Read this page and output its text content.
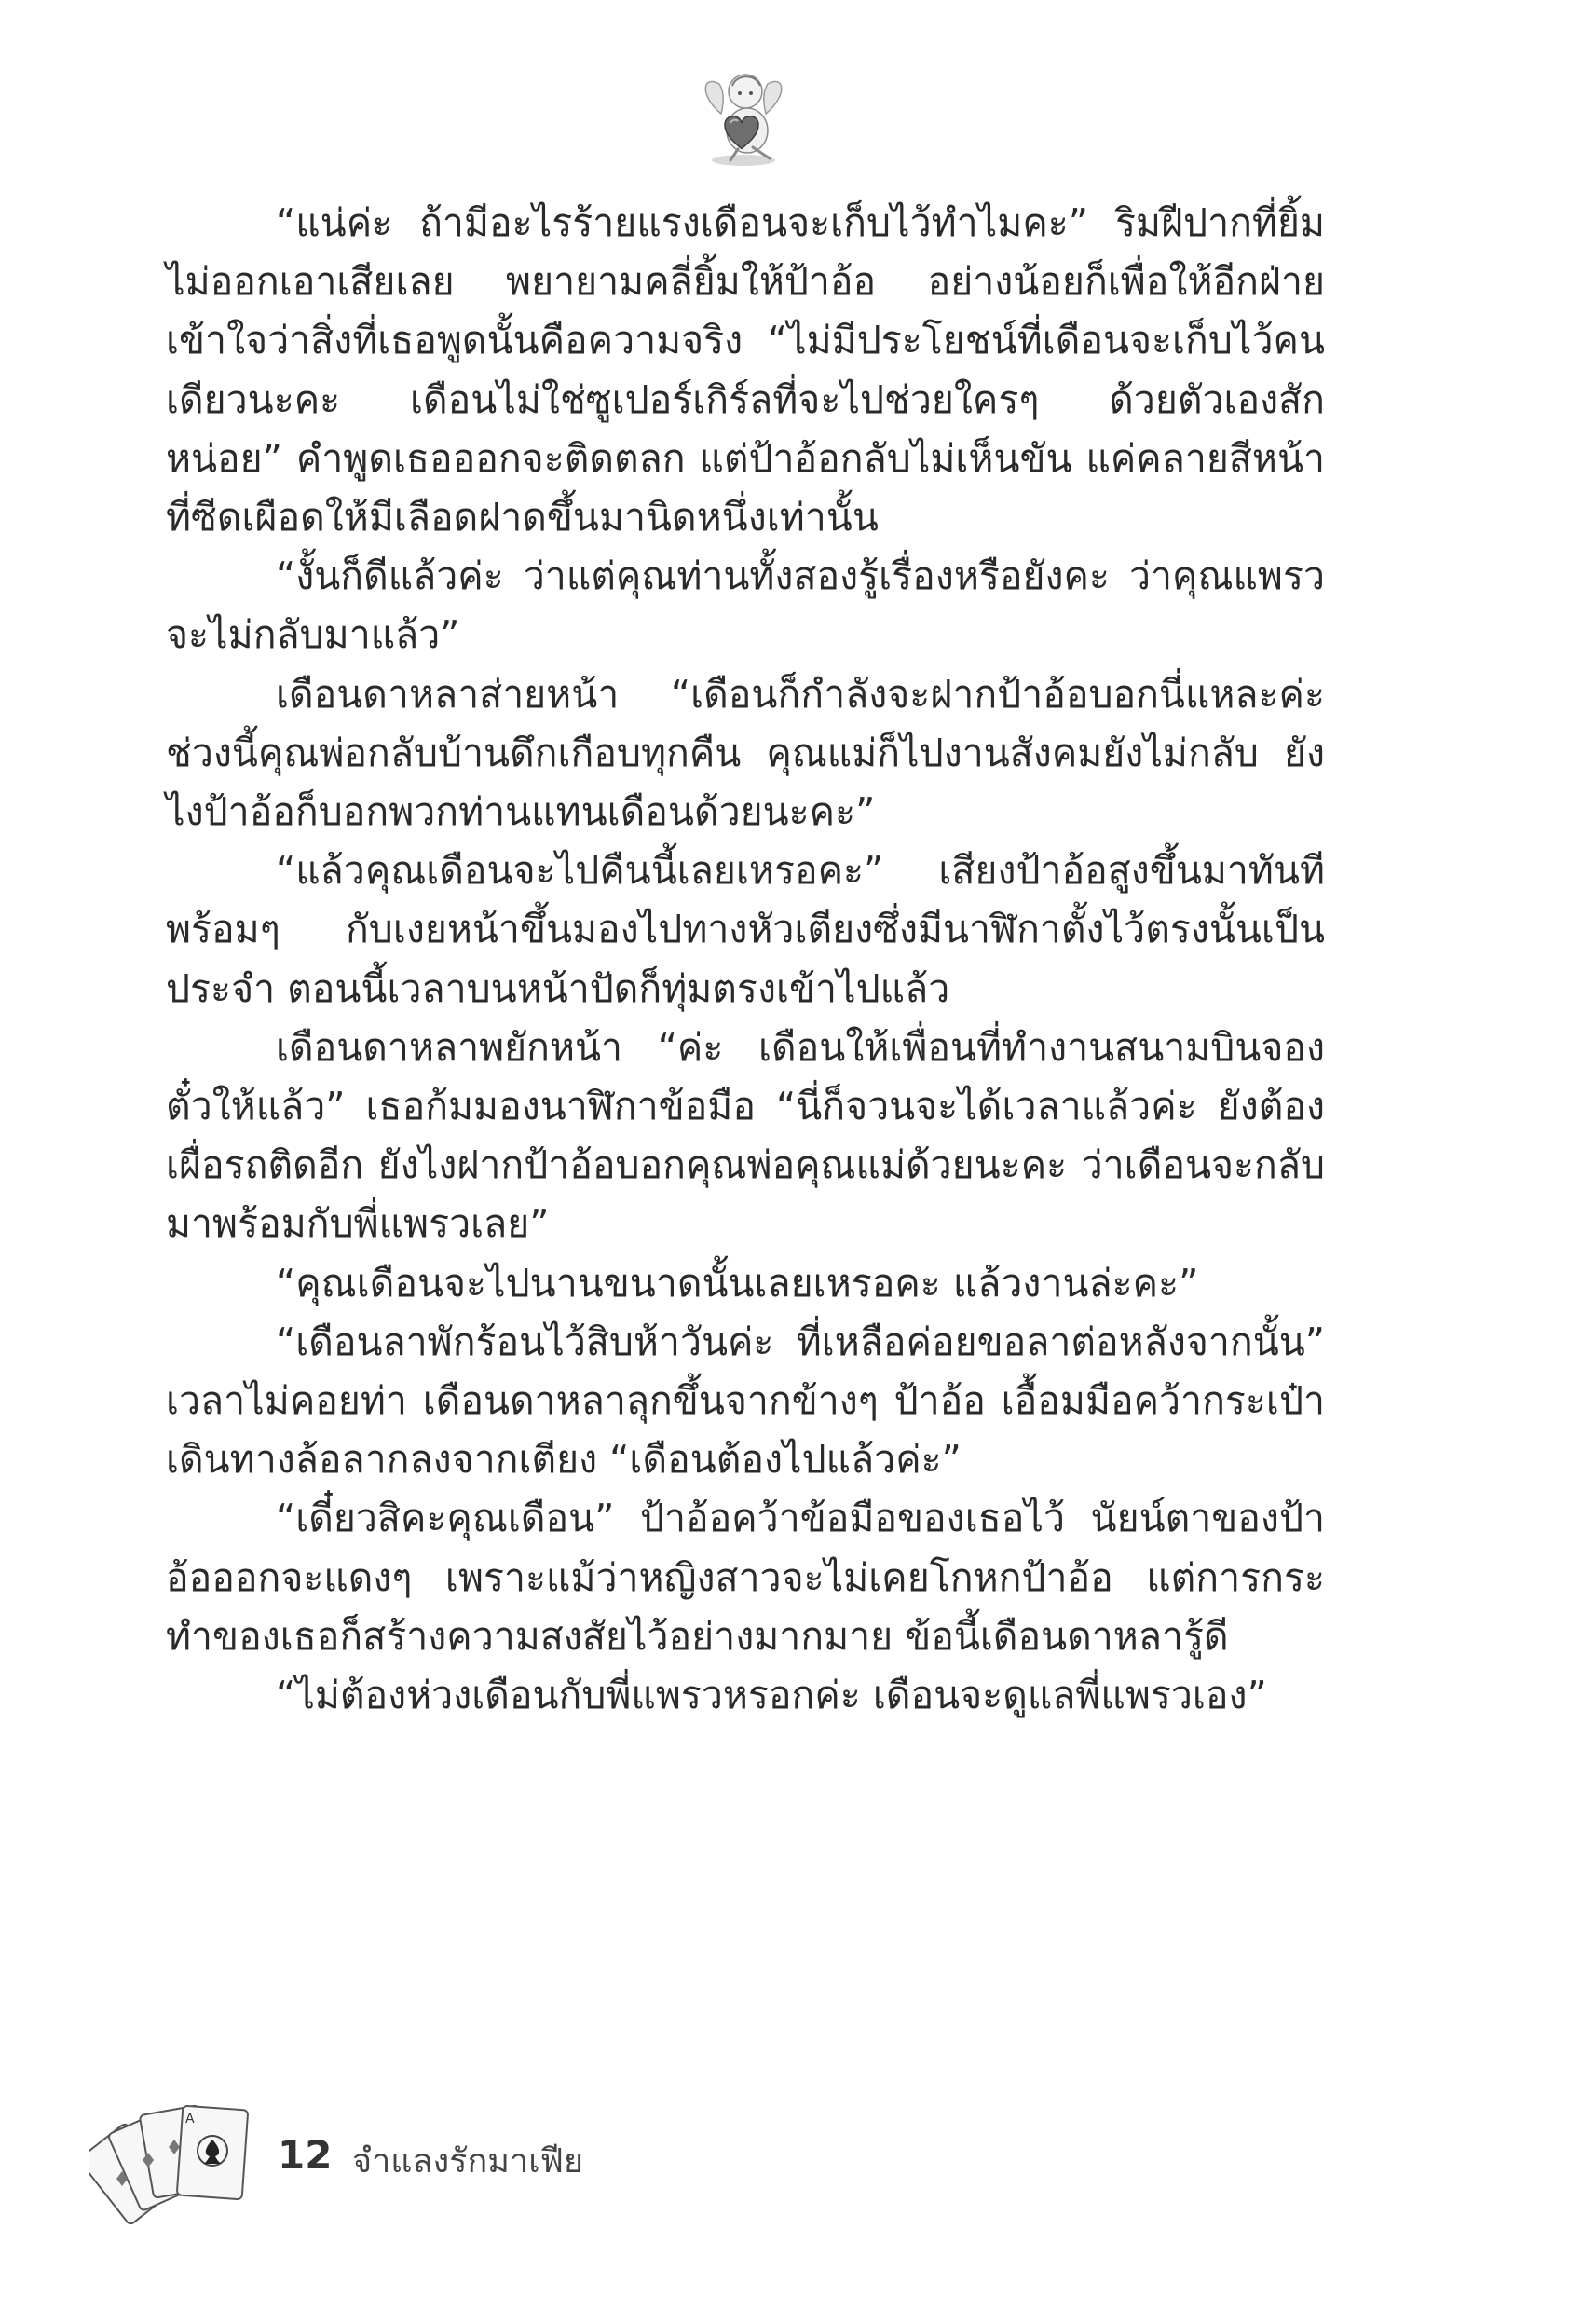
“แน่ค่ะ ถ้ามีอะไรร้ายแรงเดือนจะเก็บไว้ทำไมคะ” ริมฝีปากที่ยิ้มไม่ออกเอาเสียเลย พยายามคลี่ยิ้มให้ป้าอ้อ อย่างน้อยก็เพื่อให้อีกฝ่ายเข้าใจว่าสิ่งที่เธอพูดนั้นคือความจริง “ไม่มีประโยชน์ที่เดือนจะเก็บไว้คนเดียวนะคะ เดือนไม่ใช่ซูเปอร์เกิร์ลที่จะไปช่วยใครๆ ด้วยตัวเองสักหน่อย” คำพูดเธอออกจะติดตลก แต่ป้าอ้อกลับไม่เห็นขัน แค่คลายสีหน้าที่ซีดเผือดให้มีเลือดฝาดขึ้นมานิดหนึ่งเท่านั้น

“งั้นก็ดีแล้วค่ะ ว่าแต่คุณท่านทั้งสองรู้เรื่องหรือยังคะ ว่าคุณแพรวจะไม่กลับมาแล้ว”

เดือนดาหลาส่ายหน้า “เดือนก็กำลังจะฝากป้าอ้อบอกนี่แหละค่ะ ช่วงนี้คุณพ่อกลับบ้านดึกเกือบทุกคืน คุณแม่ก็ไปงานสังคมยังไม่กลับ ยังไงป้าอ้อก็บอกพวกท่านแทนเดือนด้วยนะคะ”

“แล้วคุณเดือนจะไปคืนนี้เลยเหรอคะ” เสียงป้าอ้อสูงขึ้นมาทันที พร้อมๆ กับเงยหน้าขึ้นมองไปทางหัวเตียงซึ่งมีนาฬิกาตั้งไว้ตรงนั้นเป็นประจำ ตอนนี้เวลาบนหน้าปัดก็ทุ่มตรงเข้าไปแล้ว

เดือนดาหลาพยักหน้า “ค่ะ เดือนให้เพื่อนที่ทำงานสนามบินจองตั๋วให้แล้ว” เธอก้มมองนาฬิกาข้อมือ “นี่ก็จวนจะได้เวลาแล้วค่ะ ยังต้องเผื่อรถติดอีก ยังไงฝากป้าอ้อบอกคุณพ่อคุณแม่ด้วยนะคะ ว่าเดือนจะกลับมาพร้อมกับพี่แพรวเลย”

“คุณเดือนจะไปนานขนาดนั้นเลยเหรอคะ แล้วงานล่ะคะ”

“เดือนลาพักร้อนไว้สิบห้าวันค่ะ ที่เหลือค่อยขอลาต่อหลังจากนั้น” เวลาไม่คอยท่า เดือนดาหลาลุกขึ้นจากข้างๆ ป้าอ้อ เอื้อมมือคว้ากระเป๋าเดินทางล้อลากลงจากเตียง “เดือนต้องไปแล้วค่ะ”

“เดี๋ยวสิคะคุณเดือน” ป้าอ้อคว้าข้อมือของเธอไว้ นัยน์ตาของป้าอ้อออกจะแดงๆ เพราะแม้ว่าหญิงสาวจะไม่เคยโกหกป้าอ้อ แต่การกระทำของเธอก็สร้างความสงสัยไว้อย่างมากมาย ข้อนี้เดือนดาหลารู้ดี

“ไม่ต้องห่วงเดือนกับพี่แพรวหรอกค่ะ เดือนจะดูแลพี่แพรวเอง”

A
12 จำแลงรักมาเฟีย
